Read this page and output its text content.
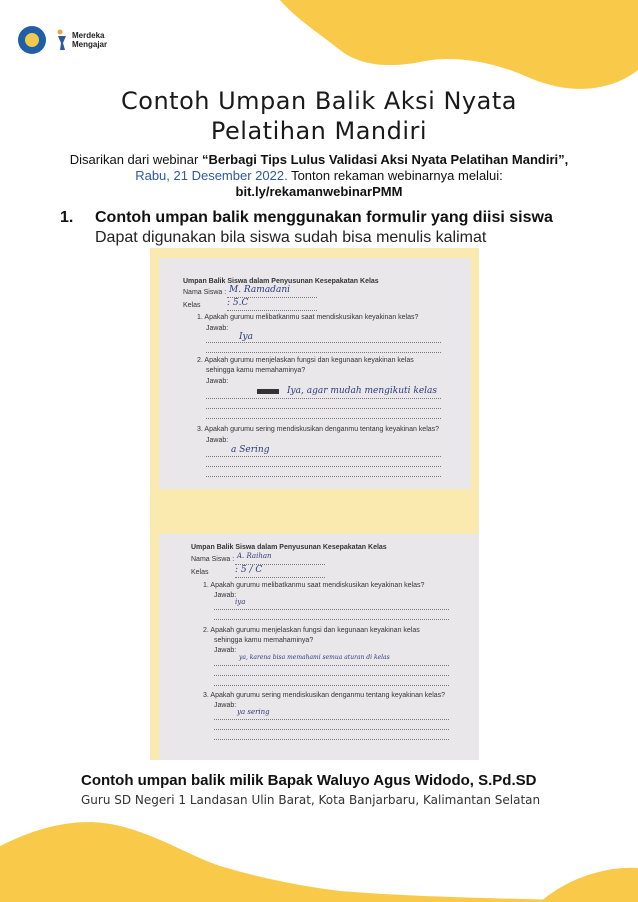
Merdeka
Mengajar
Contoh Umpan Balik Aksi Nyata
Pelatihan Mandiri
Disarikan dari webinar “Berbagi Tips Lulus Validasi Aksi Nyata Pelatihan Mandiri”,
Rabu, 21 Desember 2022. Tonton rekaman webinarnya melalui:
bit.ly/rekamanwebinarPMM
1. Contoh umpan balik menggunakan formulir yang diisi siswa
Dapat digunakan bila siswa sudah bisa menulis kalimat
Umpan Balik Siswa dalam Penyusunan Kesepakatan Kelas
Nama Siswa : M. Ramadani
Kelas	: 5.C
1. Apakah gurumu melibatkanmu saat mendiskusikan keyakinan kelas?
Jawab:
Iya
2. Apakah gurumu menjelaskan fungsi dan kegunaan keyakinan kelas
sehingga kamu memahaminya?
Jawab:
Iya, agar mudah mengikuti kelas
3. Apakah gurumu sering mendiskusikan denganmu tentang keyakinan kelas?
Jawab:
a Sering
Umpan Balik Siswa dalam Penyusunan Kesepakatan Kelas
Nama Siswa : A. Raihan
Kelas	: 5 / C
1. Apakah gurumu melibatkanmu saat mendiskusikan keyakinan kelas?
Jawab:
iya
2. Apakah gurumu menjelaskan fungsi dan kegunaan keyakinan kelas
sehingga kamu memahaminya?
Jawab:
ya, karena bisa memahami semua aturan di kelas
3. Apakah gurumu sering mendiskusikan denganmu tentang keyakinan kelas?
Jawab:
ya sering
Contoh umpan balik milik Bapak Waluyo Agus Widodo, S.Pd.SD
Guru SD Negeri 1 Landasan Ulin Barat, Kota Banjarbaru, Kalimantan Selatan
